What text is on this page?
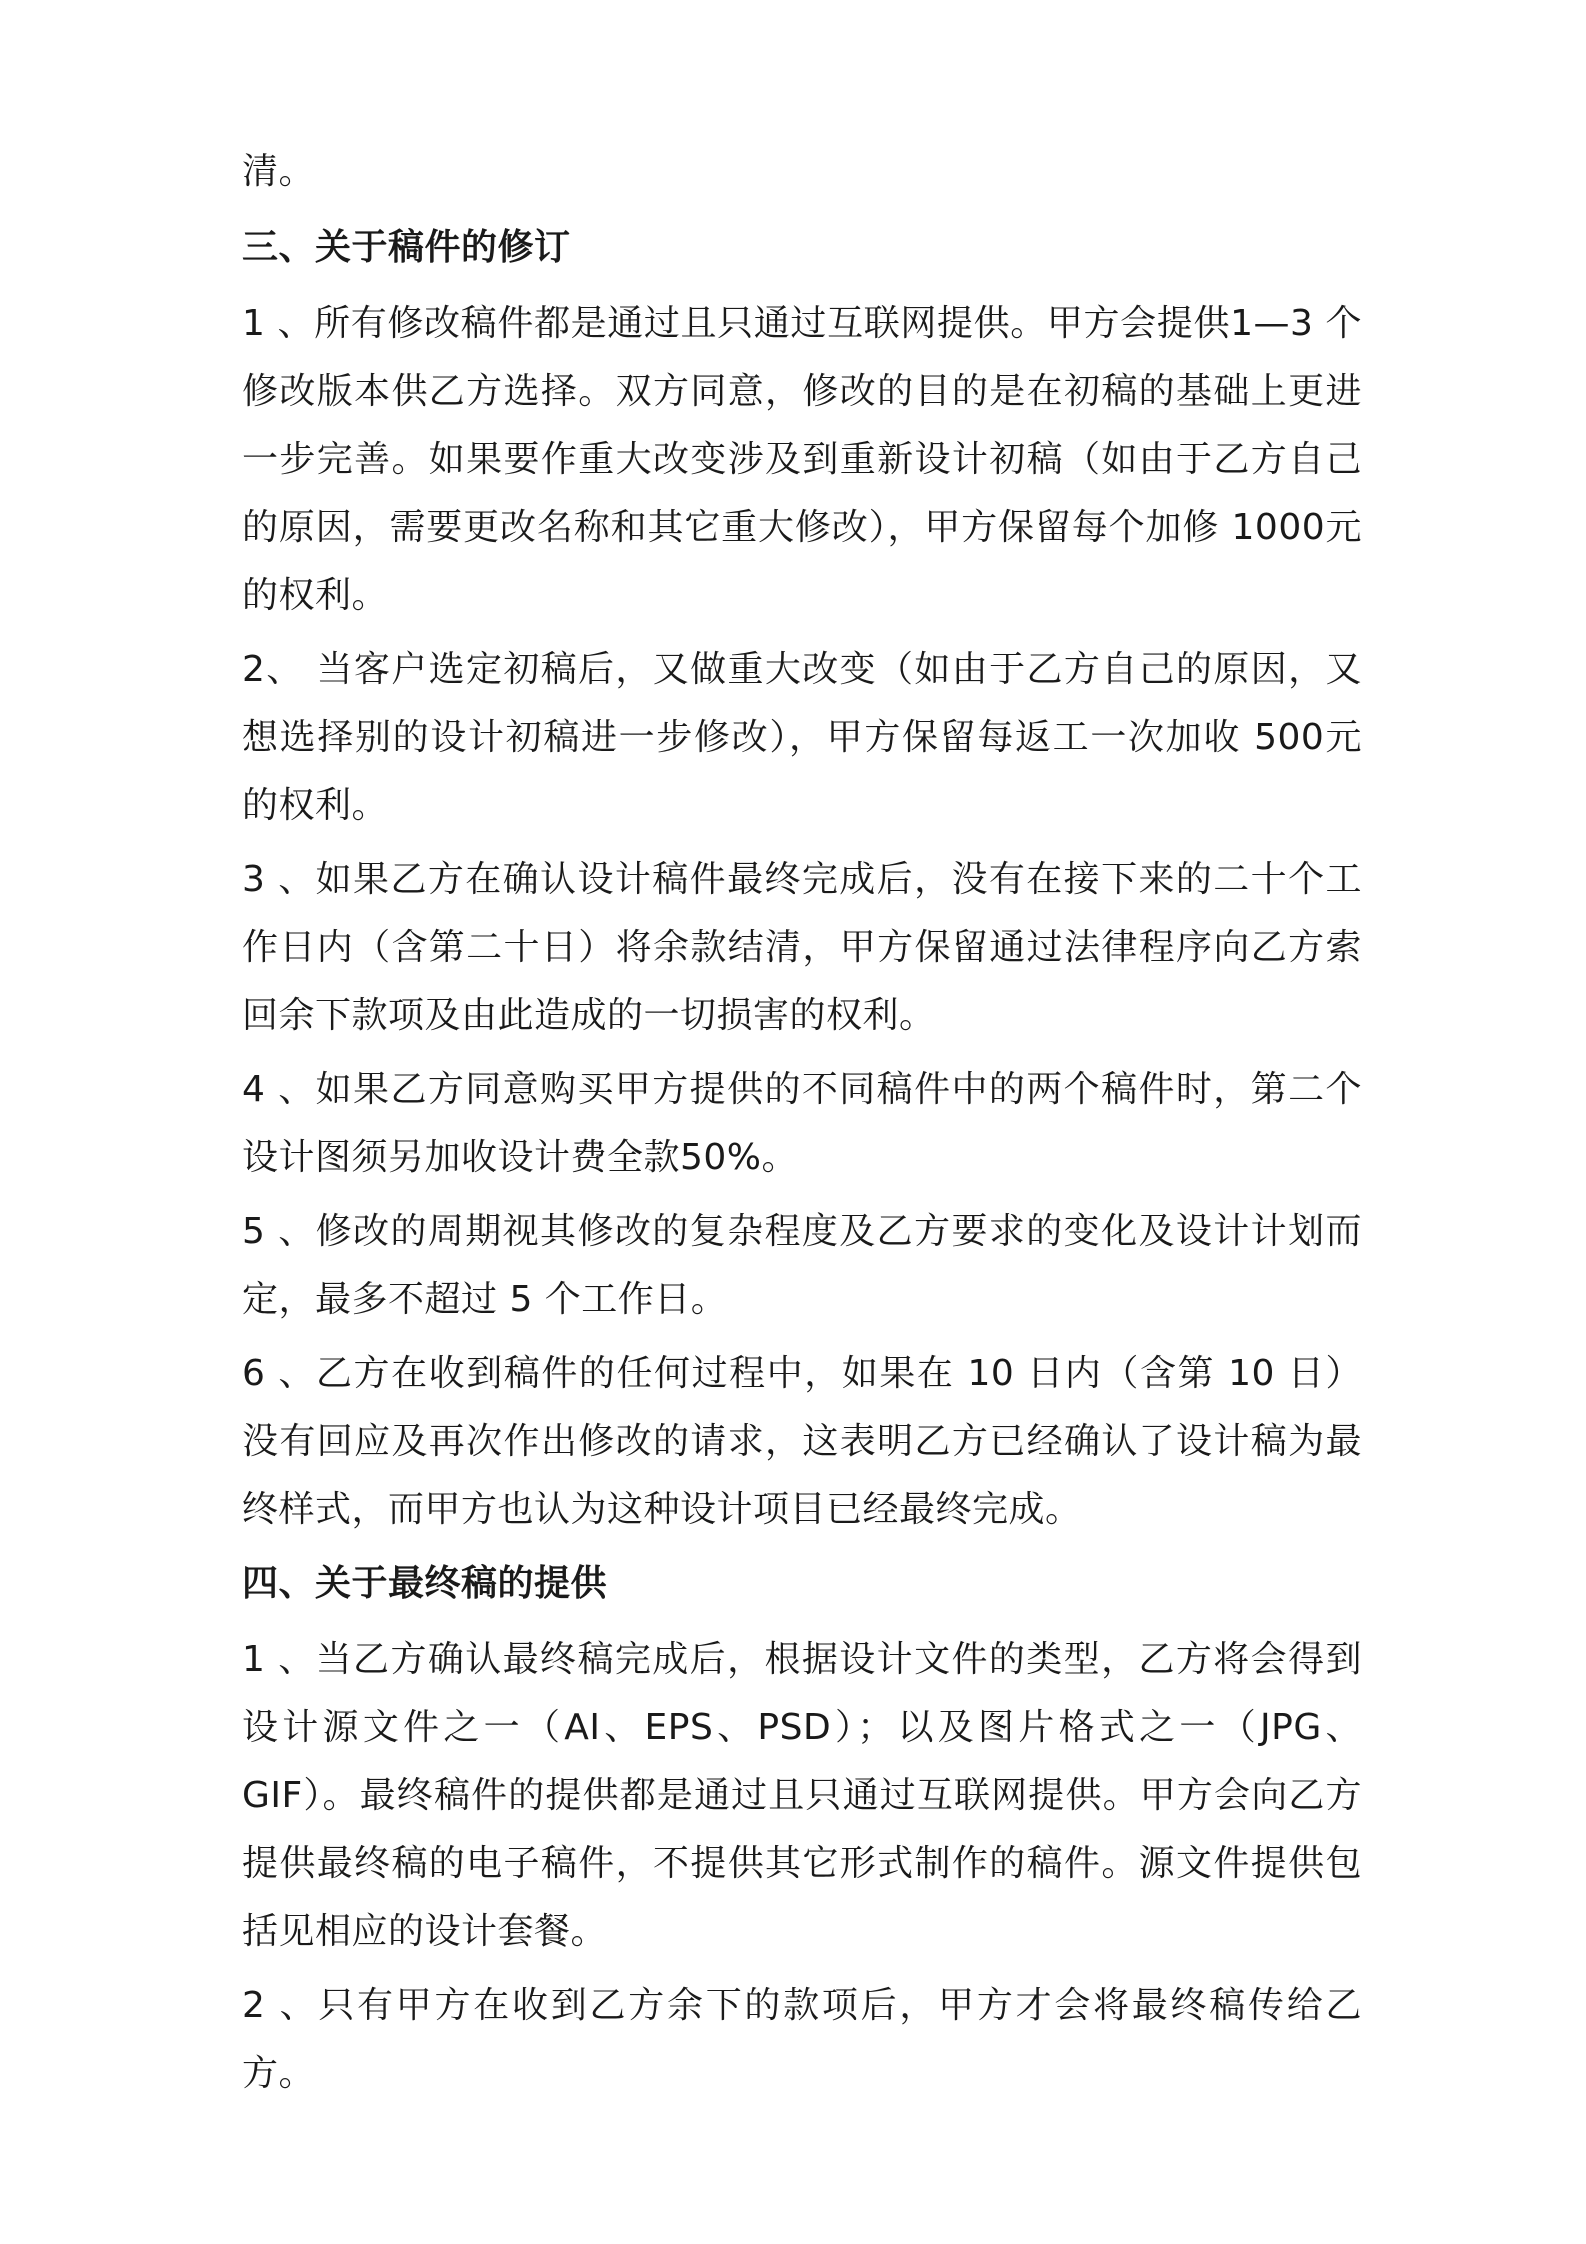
清。

三、关于稿件的修订

1 、所有修改稿件都是通过且只通过互联网提供。甲方会提供1—3 个修改版本供乙方选择。双方同意，修改的目的是在初稿的基础上更进一步完善。如果要作重大改变涉及到重新设计初稿（如由于乙方自己的原因，需要更改名称和其它重大修改），甲方保留每个加修 1000元的权利。

2、 当客户选定初稿后，又做重大改变（如由于乙方自己的原因，又想选择别的设计初稿进一步修改），甲方保留每返工一次加收 500元的权利。

3 、如果乙方在确认设计稿件最终完成后，没有在接下来的二十个工作日内（含第二十日）将余款结清，甲方保留通过法律程序向乙方索回余下款项及由此造成的一切损害的权利。

4 、如果乙方同意购买甲方提供的不同稿件中的两个稿件时，第二个设计图须另加收设计费全款50%。

5 、修改的周期视其修改的复杂程度及乙方要求的变化及设计计划而定，最多不超过 5 个工作日。

6 、乙方在收到稿件的任何过程中，如果在 10 日内（含第 10 日）没有回应及再次作出修改的请求，这表明乙方已经确认了设计稿为最终样式，而甲方也认为这种设计项目已经最终完成。

四、关于最终稿的提供

1 、当乙方确认最终稿完成后，根据设计文件的类型，乙方将会得到设计源文件之一（AI、EPS、PSD）；以及图片格式之一（JPG、GIF）。最终稿件的提供都是通过且只通过互联网提供。甲方会向乙方提供最终稿的电子稿件，不提供其它形式制作的稿件。源文件提供包括见相应的设计套餐。

2 、只有甲方在收到乙方余下的款项后，甲方才会将最终稿传给乙方。
